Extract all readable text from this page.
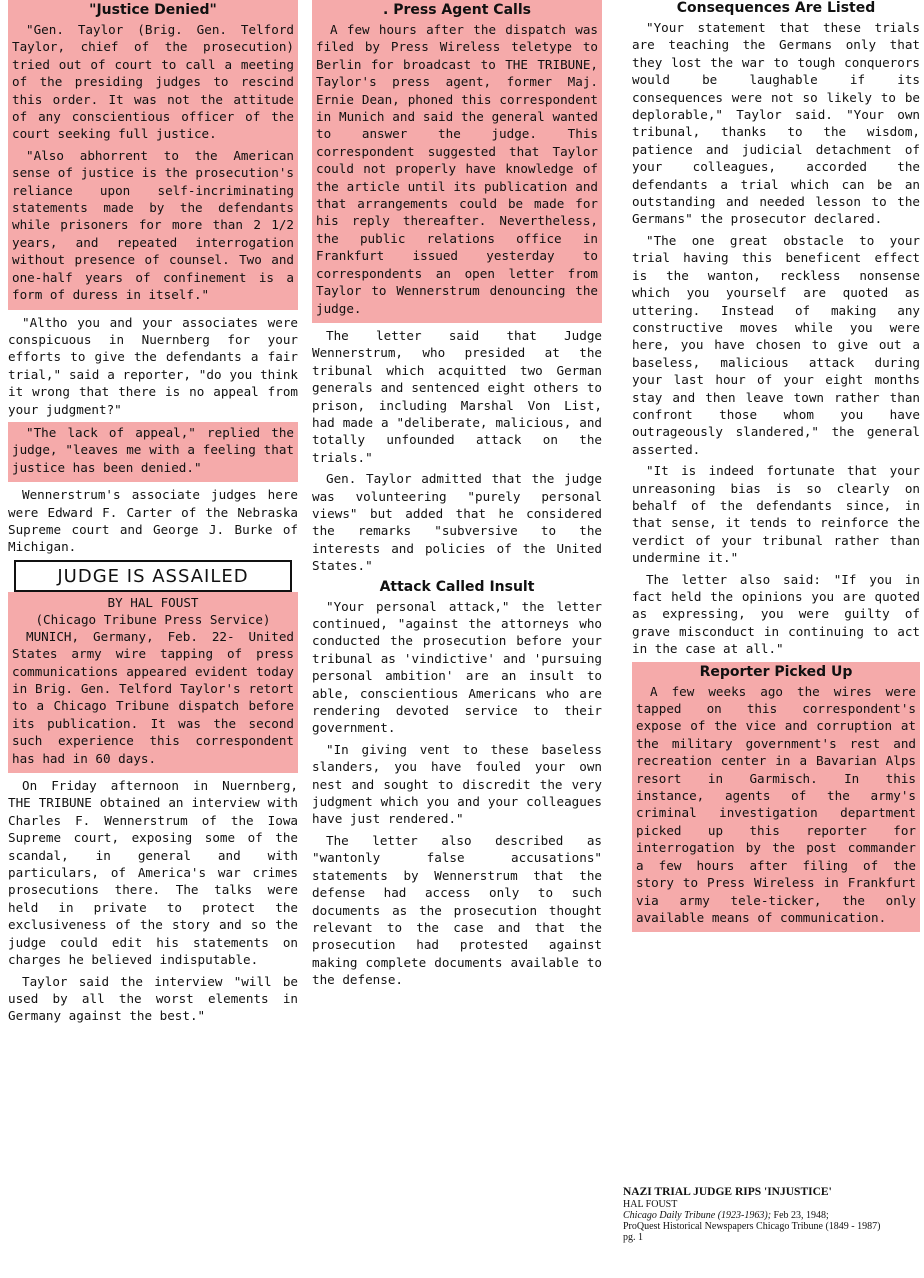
"Justice Denied"

"Gen. Taylor (Brig. Gen. Telford Taylor, chief of the prosecution) tried out of court to call a meeting of the presiding judges to rescind this order. It was not the attitude of any conscientious officer of the court seeking full justice.

"Also abhorrent to the American sense of justice is the prosecution's reliance upon self-incriminating statements made by the defendants while prisoners for more than 2 1/2 years, and repeated interrogation without presence of counsel. Two and one-half years of confinement is a form of duress in itself."

"Altho you and your associates were conspicuous in Nuernberg for your efforts to give the defendants a fair trial," said a reporter, "do you think it wrong that there is no appeal from your judgment?"

"The lack of appeal," replied the judge, "leaves me with a feeling that justice has been denied."

Wennerstrum's associate judges here were Edward F. Carter of the Nebraska Supreme court and George J. Burke of Michigan.

JUDGE IS ASSAILED
BY HAL FOUST
(Chicago Tribune Press Service)

MUNICH, Germany, Feb. 22- United States army wire tapping of press communications appeared evident today in Brig. Gen. Telford Taylor's retort to a Chicago Tribune dispatch before its publication. It was the second such experience this correspondent has had in 60 days.

On Friday afternoon in Nuernberg, THE TRIBUNE obtained an interview with Charles F. Wennerstrum of the Iowa Supreme court, exposing some of the scandal, in general and with particulars, of America's war crimes prosecutions there. The talks were held in private to protect the exclusiveness of the story and so the judge could edit his statements on charges he believed indisputable.

Taylor said the interview "will be used by all the worst elements in Germany against the best."

. Press Agent Calls

A few hours after the dispatch was filed by Press Wireless teletype to Berlin for broadcast to THE TRIBUNE, Taylor's press agent, former Maj. Ernie Dean, phoned this correspondent in Munich and said the general wanted to answer the judge. This correspondent suggested that Taylor could not properly have knowledge of the article until its publication and that arrangements could be made for his reply thereafter. Nevertheless, the public relations office in Frankfurt issued yesterday to correspondents an open letter from Taylor to Wennerstrum denouncing the judge.

The letter said that Judge Wennerstrum, who presided at the tribunal which acquitted two German generals and sentenced eight others to prison, including Marshal Von List, had made a "deliberate, malicious, and totally unfounded attack on the trials."

Gen. Taylor admitted that the judge was volunteering "purely personal views" but added that he considered the remarks "subversive to the interests and policies of the United States."

Attack Called Insult

"Your personal attack," the letter continued, "against the attorneys who conducted the prosecution before your tribunal as 'vindictive' and 'pursuing personal ambition' are an insult to able, conscientious Americans who are rendering devoted service to their government.

"In giving vent to these baseless slanders, you have fouled your own nest and sought to discredit the very judgment which you and your colleagues have just rendered."

The letter also described as "wantonly false accusations" statements by Wennerstrum that the defense had access only to such documents as the prosecution thought relevant to the case and that the prosecution had protested against making complete documents available to the defense.

Consequences Are Listed

"Your statement that these trials are teaching the Germans only that they lost the war to tough conquerors would be laughable if its consequences were not so likely to be deplorable," Taylor said. "Your own tribunal, thanks to the wisdom, patience and judicial detachment of your colleagues, accorded the defendants a trial which can be an outstanding and needed lesson to the Germans" the prosecutor declared.

"The one great obstacle to your trial having this beneficent effect is the wanton, reckless nonsense which you yourself are quoted as uttering. Instead of making any constructive moves while you were here, you have chosen to give out a baseless, malicious attack during your last hour of your eight months stay and then leave town rather than confront those whom you have outrageously slandered," the general asserted.

"It is indeed fortunate that your unreasoning bias is so clearly on behalf of the defendants since, in that sense, it tends to reinforce the verdict of your tribunal rather than undermine it."

The letter also said: "If you in fact held the opinions you are quoted as expressing, you were guilty of grave misconduct in continuing to act in the case at all."

Reporter Picked Up

A few weeks ago the wires were tapped on this correspondent's expose of the vice and corruption at the military government's rest and recreation center in a Bavarian Alps resort in Garmisch. In this instance, agents of the army's criminal investigation department picked up this reporter for interrogation by the post commander a few hours after filing of the story to Press Wireless in Frankfurt via army tele-ticker, the only available means of communication.

NAZI TRIAL JUDGE RIPS 'INJUSTICE'
HAL FOUST
Chicago Daily Tribune (1923-1963); Feb 23, 1948;
ProQuest Historical Newspapers Chicago Tribune (1849 - 1987)
pg. 1
